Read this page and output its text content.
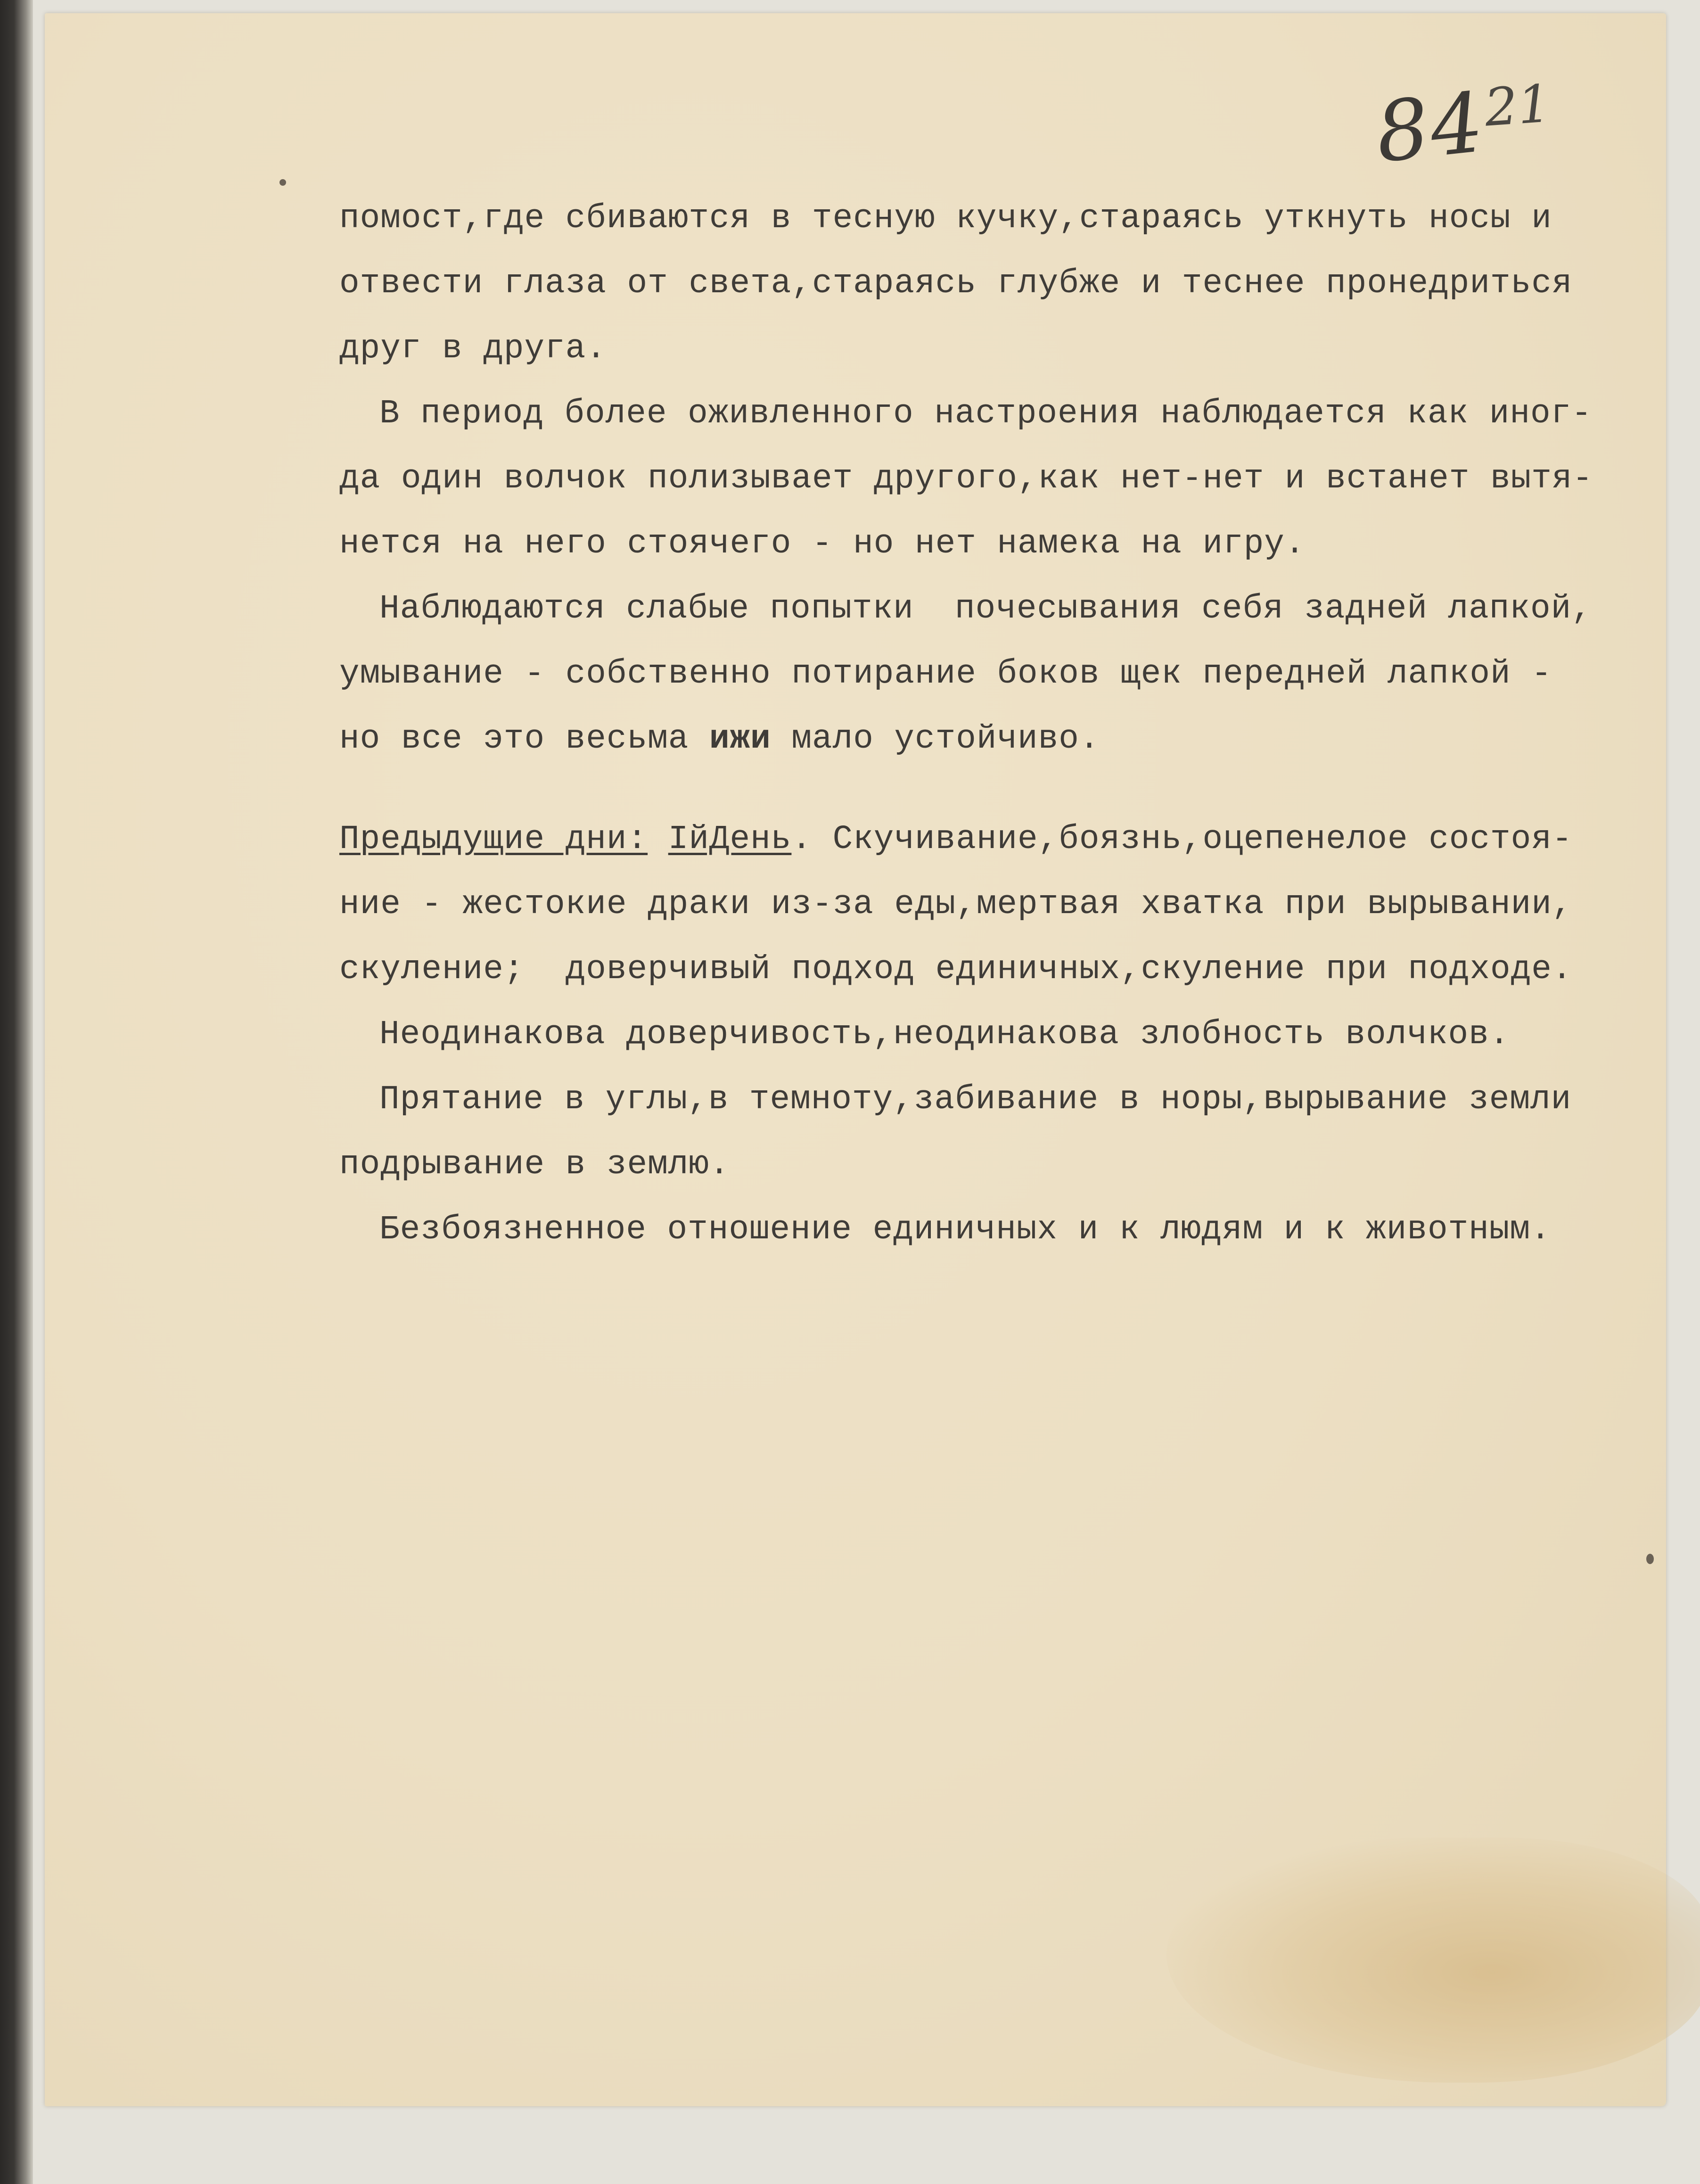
84
21

помост,где сбиваются в тесную кучку,стараясь уткнуть носы и

отвести глаза от света,стараясь глубже и теснее пронедриться

друг в друга.

В период более оживленного настроения наблюдается как иног-

да один волчок полизывает другого,как нет-нет и встанет вытя-

нется на него стоячего - но нет намека на игру.

Наблюдаются слабые попытки  почесывания себя задней лапкой,

умывание - собственно потирание боков щек передней лапкой -

но все это весьма ижи мало устойчиво.

Предыдущие дни: IйДень. Скучивание,боязнь,оцепенелое состоя-

ние - жестокие драки из-за еды,мертвая хватка при вырывании,

скуление;  доверчивый подход единичных,скуление при подходе.

Неодинакова доверчивость,неодинакова злобность волчков.

Прятание в углы,в темноту,забивание в норы,вырывание земли

подрывание в землю.

Безбоязненное отношение единичных и к людям и к животным.
